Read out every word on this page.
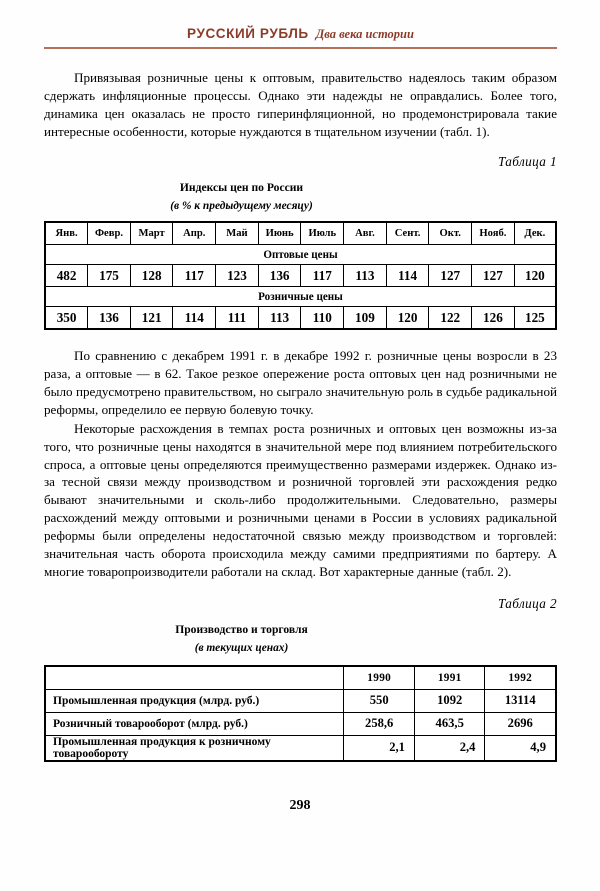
РУССКИЙ РУБЛЬ Два века истории

Привязывая розничные цены к оптовым, правительство надеялось таким образом сдержать инфляционные процессы. Однако эти надежды не оправдались. Более того, динамика цен оказалась не просто гиперинфляционной, но продемонстрировала такие интересные особенности, которые нуждаются в тщательном изучении (табл. 1).

Таблица 1
Индексы цен по России
(в % к предыдущему месяцу)
Янв.	Февр.	Март	Апр.	Май	Июнь	Июль	Авг.	Сент.	Окт.	Нояб.	Дек.
Оптовые цены											
482	175	128	117	123	136	117	113	114	127	127	120
Розничные цены											
350	136	121	114	111	113	110	109	120	122	126	125

По сравнению с декабрем 1991 г. в декабре 1992 г. розничные цены возросли в 23 раза, а оптовые — в 62. Такое резкое опережение роста оптовых цен над розничными не было предусмотрено правительством, но сыграло значительную роль в судьбе радикальной реформы, определило ее первую болевую точку.

Некоторые расхождения в темпах роста розничных и оптовых цен возможны из-за того, что розничные цены находятся в значительной мере под влиянием потребительского спроса, а оптовые цены определяются преимущественно размерами издержек. Однако из-за тесной связи между производством и розничной торговлей эти расхождения редко бывают значительными и сколь-либо продолжительными. Следовательно, размеры расхождений между оптовыми и розничными ценами в России в условиях радикальной реформы были определены недостаточной связью между производством и торговлей: значительная часть оборота происходила между самими предприятиями по бартеру. А многие товаропроизводители работали на склад. Вот характерные данные (табл. 2).

Таблица 2
Производство и торговля
(в текущих ценах)
	1990	1991	1992
Промышленная продукция (млрд. руб.)	550	1092	13114
Розничный товарооборот (млрд. руб.)	258,6	463,5	2696
Промышленная продукция к розничному товарообороту	2,1	2,4	4,9
298
